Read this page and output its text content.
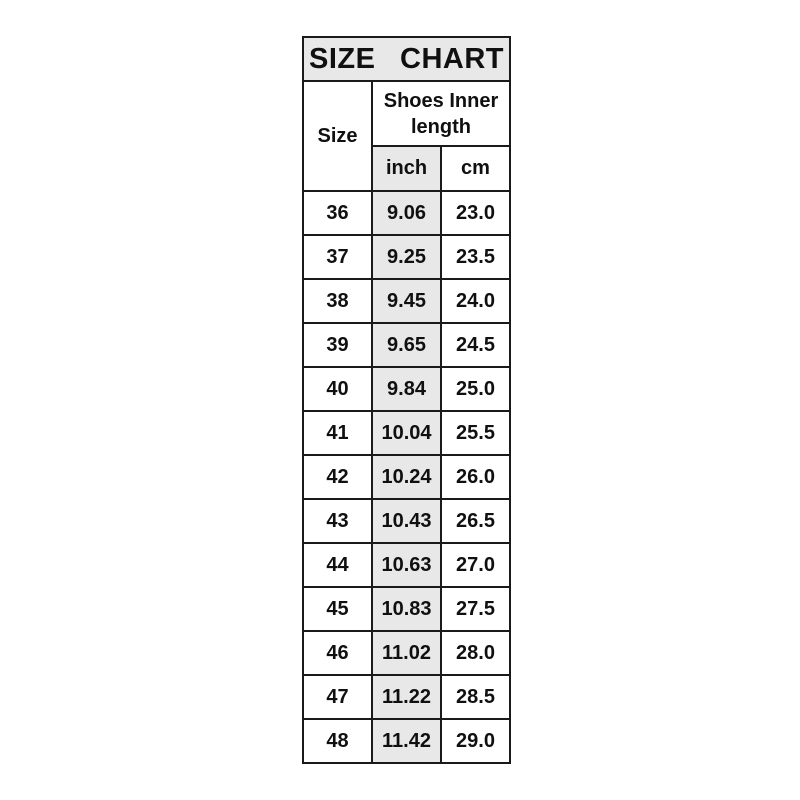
SIZE CHART		
Size	Shoes Inner length	
	inch	cm
36	9.06	23.0
37	9.25	23.5
38	9.45	24.0
39	9.65	24.5
40	9.84	25.0
41	10.04	25.5
42	10.24	26.0
43	10.43	26.5
44	10.63	27.0
45	10.83	27.5
46	11.02	28.0
47	11.22	28.5
48	11.42	29.0
